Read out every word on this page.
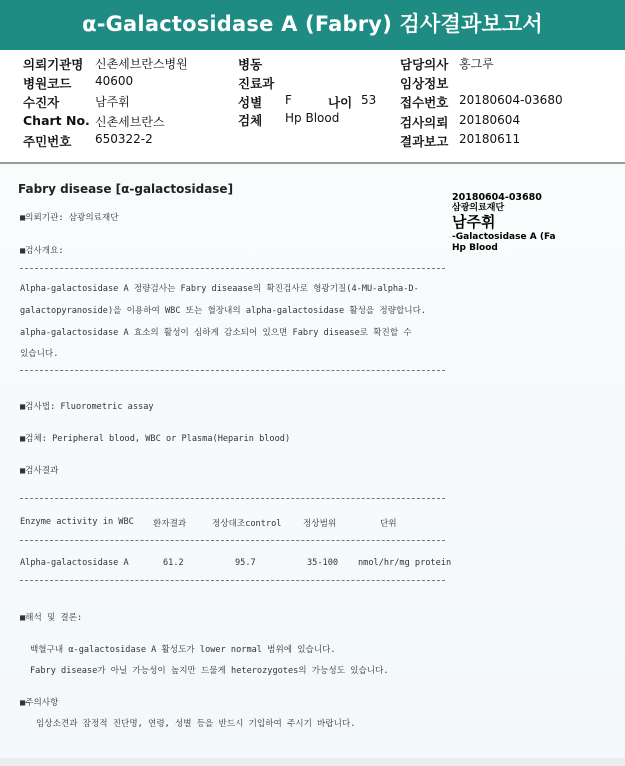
α-Galactosidase A (Fabry) 검사결과보고서
의뢰기관명 신촌세브란스병원	병동	담당의사 홍그루
병원코드 40600	진료과	임상정보
수진자	남주휘	성별 F	나이 53 접수번호 20180604-03680
Chart No. 신촌세브란스	검체 Hp Blood	검사의뢰 20180604
주민번호 650322-2	결과보고 20180611
Fabry disease [α-galactosidase]
20180604-03680
삼광의료재단
남주휘
-Galactosidase A (Fa
Hp Blood
■의뢰기관: 삼광의료재단
■검사개요:
Alpha-galactosidase A 정량검사는 Fabry diseaase의 확진검사로 형광기질(4-MU-alpha-D-
galactopyranoside)을 이용하여 WBC 또는 혈장내의 alpha-galactosidase 활성을 정량합니다.
alpha-galactosidase A 효소의 활성이 심하게 감소되어 있으면 Fabry disease로 확진할 수
있습니다.
■검사법: Fluorometric assay
■검체: Peripheral blood, WBC or Plasma(Heparin blood)
■검사결과
Enzyme activity in WBC 환자결과	정상대조control	정상범위	단위
Alpha-galactosidase A	61.2	95.7	35-100 nmol/hr/mg protein
■해석 및 결론:
백혈구내 α-galactosidase A 활성도가 lower normal 범위에 있습니다.
Fabry disease가 아닐 가능성이 높지만 드물게 heterozygotes의 가능성도 있습니다.
■주의사항
임상소견과 잠정적 진단명, 연령, 성별 등을 반드시 기입하여 주시기 바랍니다.
